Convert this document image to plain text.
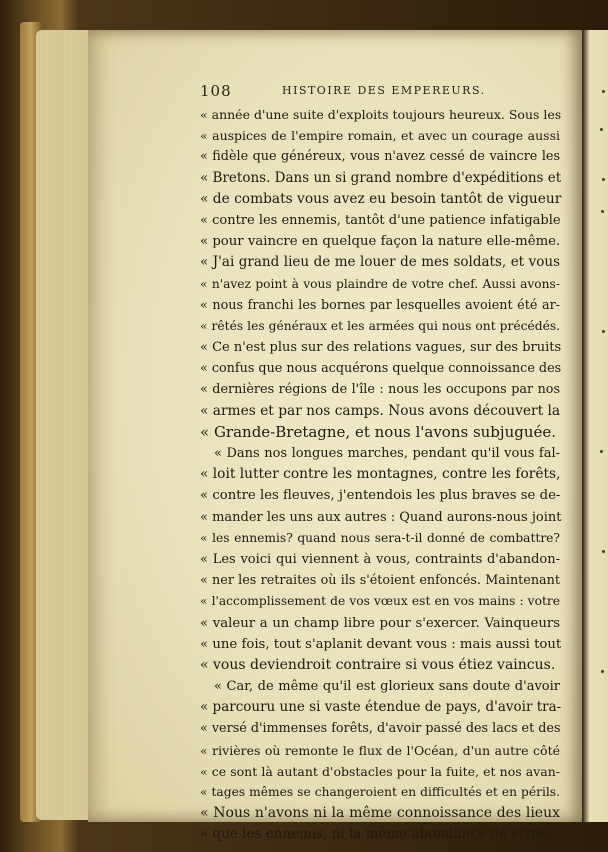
108	HISTOIRE DES EMPEREURS.
« année d'une suite d'exploits toujours heureux. Sous les
« auspices de l'empire romain, et avec un courage aussi
« fidèle que généreux, vous n'avez cessé de vaincre les
« Bretons. Dans un si grand nombre d'expéditions et
« de combats vous avez eu besoin tantôt de vigueur
« contre les ennemis, tantôt d'une patience infatigable
« pour vaincre en quelque façon la nature elle-même.
« J'ai grand lieu de me louer de mes soldats, et vous
« n'avez point à vous plaindre de votre chef. Aussi avons-
« nous franchi les bornes par lesquelles avoient été ar-
« rêtés les généraux et les armées qui nous ont précédés.
« Ce n'est plus sur des relations vagues, sur des bruits
« confus que nous acquérons quelque connoissance des
« dernières régions de l'île : nous les occupons par nos
« armes et par nos camps. Nous avons découvert la
« Grande-Bretagne, et nous l'avons subjuguée.
« Dans nos longues marches, pendant qu'il vous fal-
« loit lutter contre les montagnes, contre les forêts,
« contre les fleuves, j'entendois les plus braves se de-
« mander les uns aux autres : Quand aurons-nous joint
« les ennemis? quand nous sera-t-il donné de combattre?
« Les voici qui viennent à vous, contraints d'abandon-
« ner les retraites où ils s'étoient enfoncés. Maintenant
« l'accomplissement de vos vœux est en vos mains : votre
« valeur a un champ libre pour s'exercer. Vainqueurs
« une fois, tout s'aplanit devant vous : mais aussi tout
« vous deviendroit contraire si vous étiez vaincus.
« Car, de même qu'il est glorieux sans doute d'avoir
« parcouru une si vaste étendue de pays, d'avoir tra-
« versé d'immenses forêts, d'avoir passé des lacs et des
« rivières où remonte le flux de l'Océan, d'un autre côté
« ce sont là autant d'obstacles pour la fuite, et nos avan-
« tages mêmes se changeroient en difficultés et en périls.
« Nous n'avons ni la même connoissance des lieux
« que les ennemis, ni la même abondance de vivres :
